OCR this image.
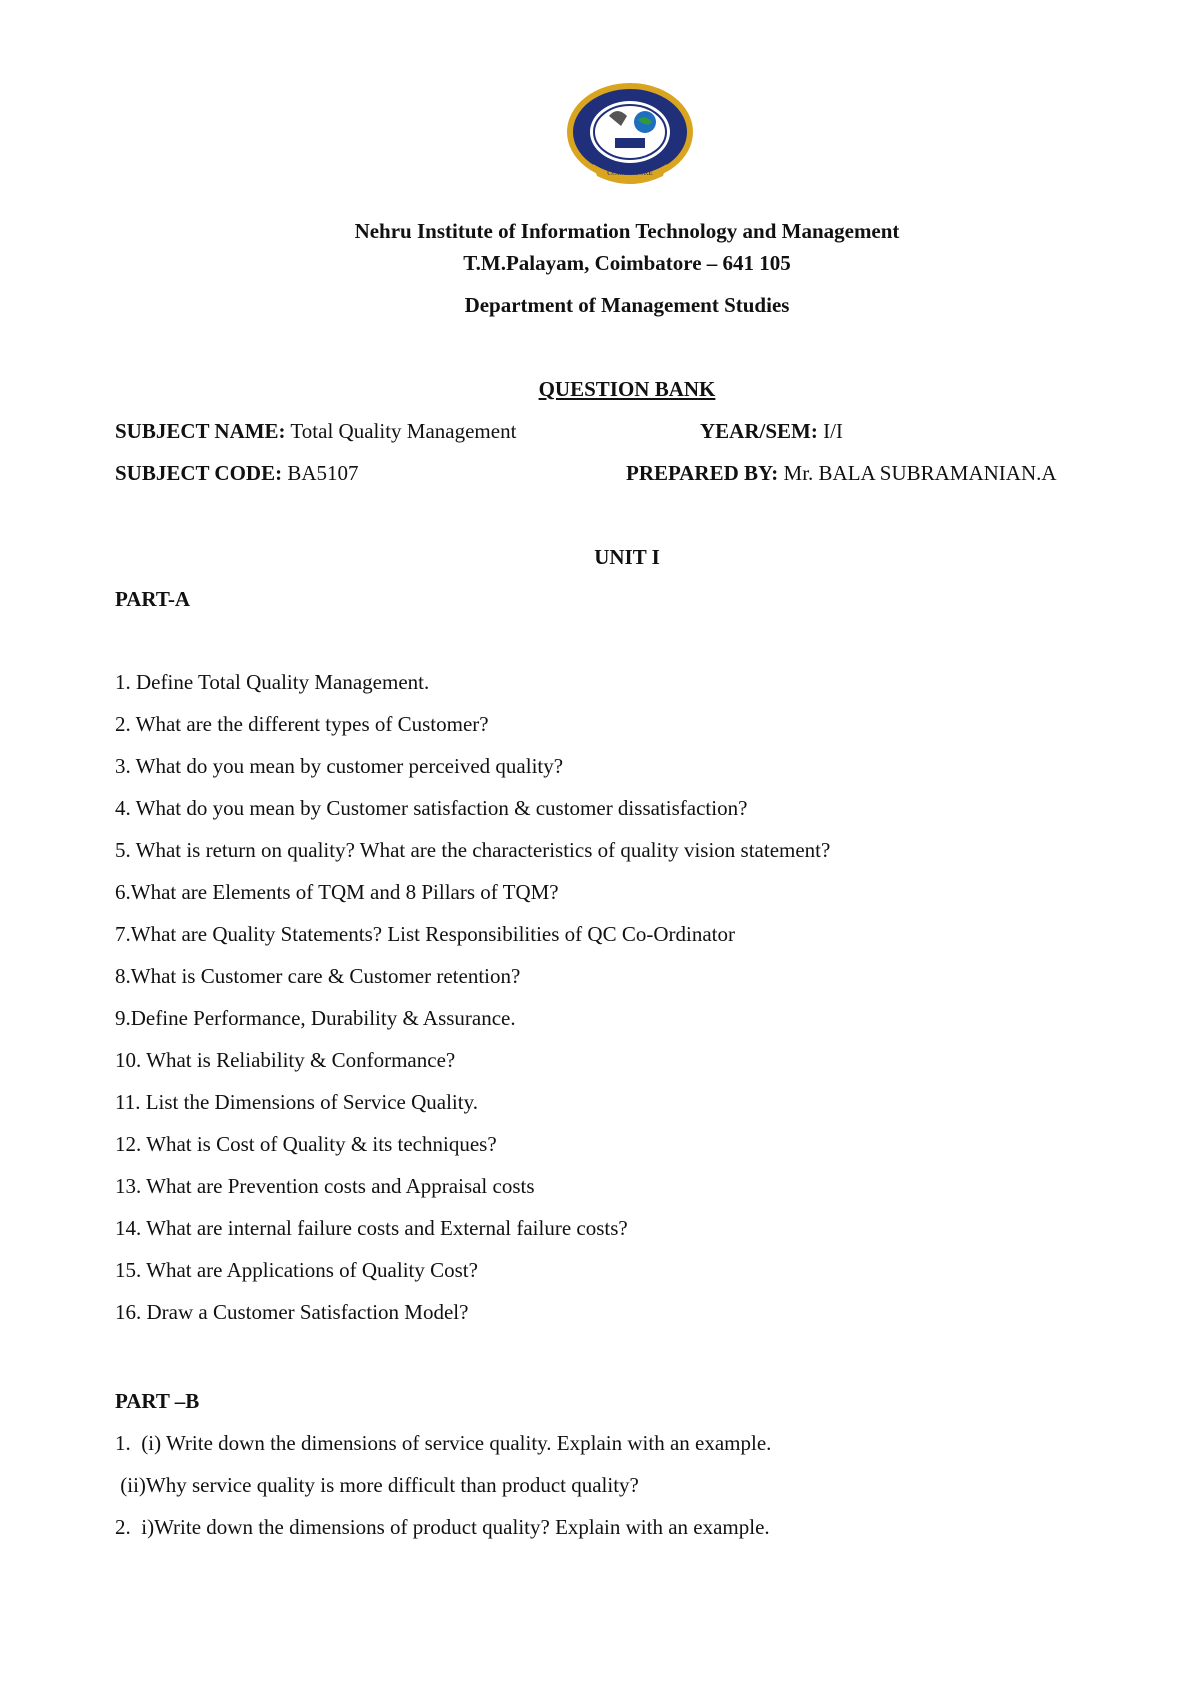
COIMBATORE
Nehru Institute of Information Technology and Management
T.M.Palayam, Coimbatore – 641 105
Department of Management Studies
QUESTION BANK
SUBJECT NAME: Total Quality Management	YEAR/SEM: I/I
SUBJECT CODE: BA5107	PREPARED BY: Mr. BALA SUBRAMANIAN.A
UNIT I
PART-A
1. Define Total Quality Management.
2. What are the different types of Customer?
3. What do you mean by customer perceived quality?
4. What do you mean by Customer satisfaction & customer dissatisfaction?
5. What is return on quality? What are the characteristics of quality vision statement?
6.What are Elements of TQM and 8 Pillars of TQM?
7.What are Quality Statements? List Responsibilities of QC Co-Ordinator
8.What is Customer care & Customer retention?
9.Define Performance, Durability & Assurance.
10. What is Reliability & Conformance?
11. List the Dimensions of Service Quality.
12. What is Cost of Quality & its techniques?
13. What are Prevention costs and Appraisal costs
14. What are internal failure costs and External failure costs?
15. What are Applications of Quality Cost?
16. Draw a Customer Satisfaction Model?
PART –B
1.  (i) Write down the dimensions of service quality. Explain with an example.
(ii)Why service quality is more difficult than product quality?
2.  i)Write down the dimensions of product quality? Explain with an example.
